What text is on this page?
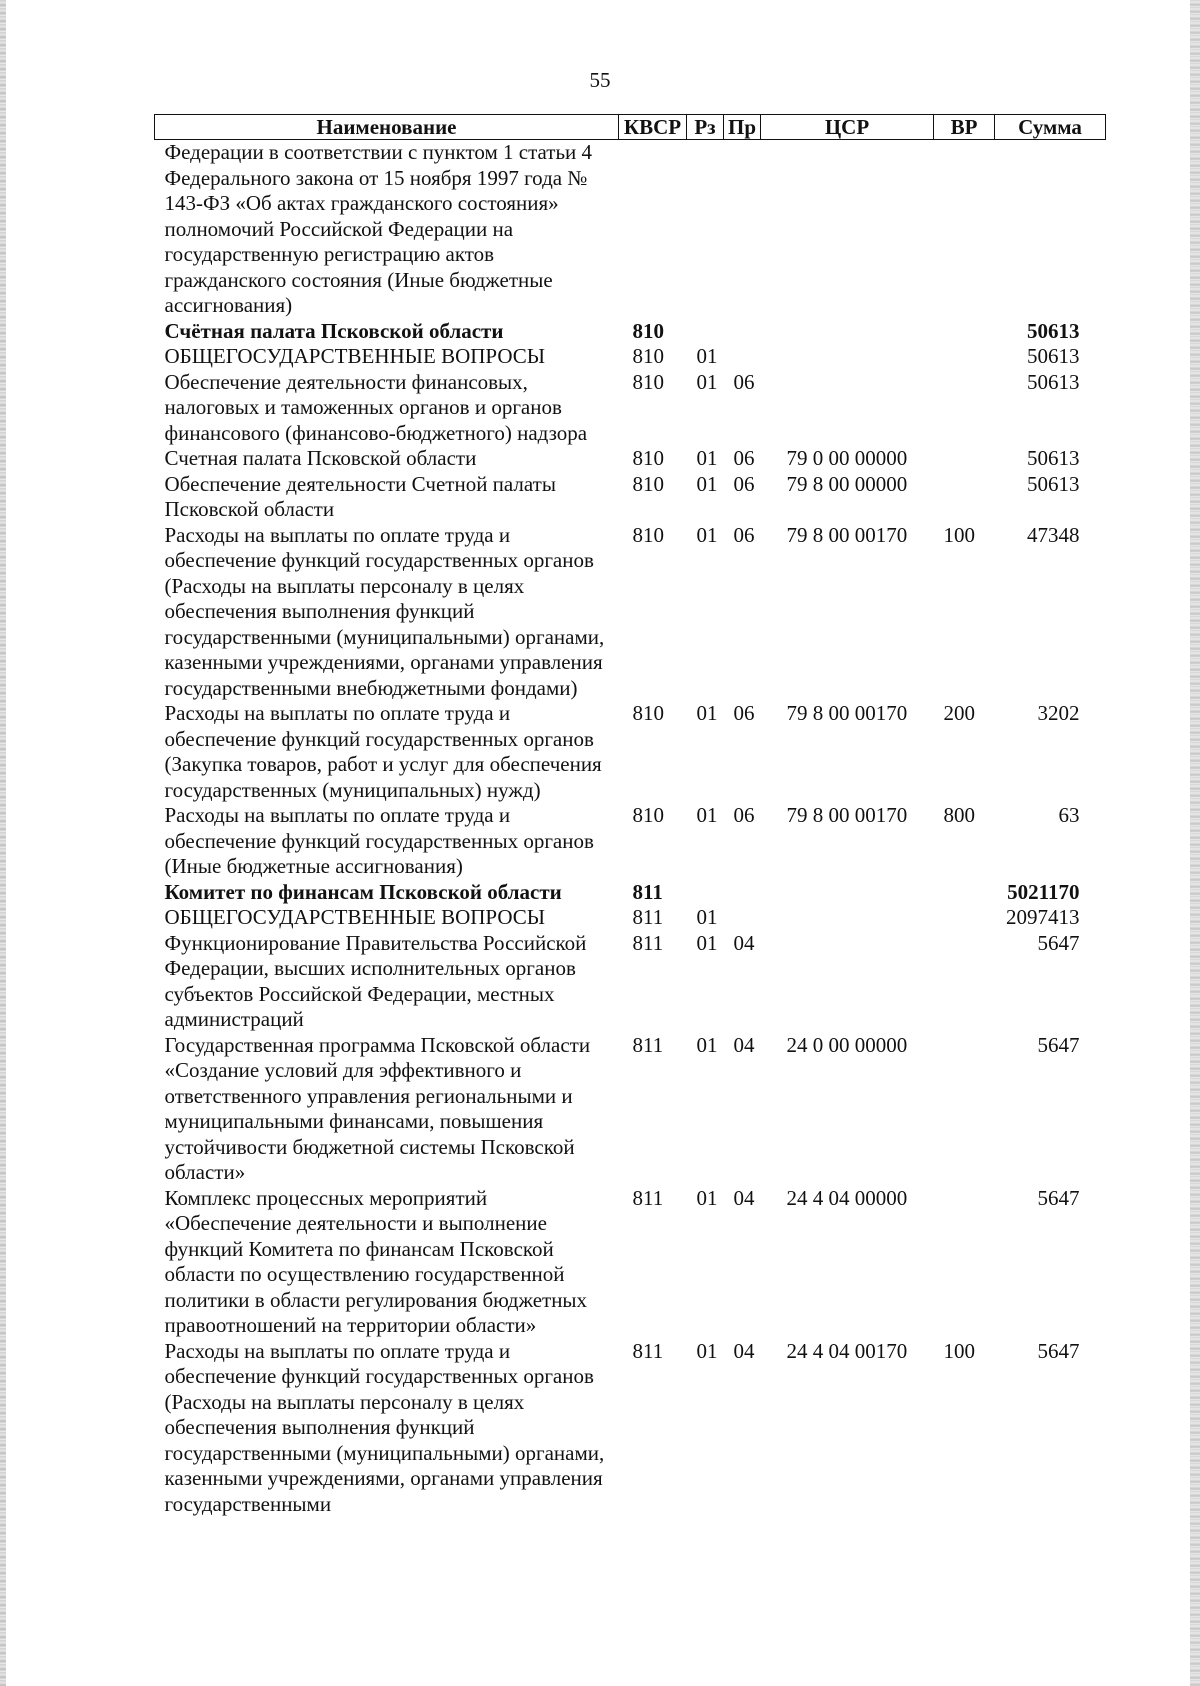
55
Наименование	КВСР	Рз	Пр	ЦСР	ВР	Сумма
Федерации в соответствии с пунктом 1 статьи 4 Федерального закона от 15 ноября 1997 года № 143-ФЗ «Об актах гражданского состояния» полномочий Российской Федерации на государственную регистрацию актов гражданского состояния (Иные бюджетные ассигнования)						
Счётная палата Псковской области	810					50613
ОБЩЕГОСУДАРСТВЕННЫЕ ВОПРОСЫ	810	01				50613
Обеспечение деятельности финансовых, налоговых и таможенных органов и органов финансового (финансово-бюджетного) надзора	810	01	06			50613
Счетная палата Псковской области	810	01	06	79 0 00 00000		50613
Обеспечение деятельности Счетной палаты Псковской области	810	01	06	79 8 00 00000		50613
Расходы на выплаты по оплате труда и обеспечение функций государственных органов (Расходы на выплаты персоналу в целях обеспечения выполнения функций государственными (муниципальными) органами, казенными учреждениями, органами управления государственными внебюджетными фондами)	810	01	06	79 8 00 00170	100	47348
Расходы на выплаты по оплате труда и обеспечение функций государственных органов (Закупка товаров, работ и услуг для обеспечения государственных (муниципальных) нужд)	810	01	06	79 8 00 00170	200	3202
Расходы на выплаты по оплате труда и обеспечение функций государственных органов (Иные бюджетные ассигнования)	810	01	06	79 8 00 00170	800	63
Комитет по финансам Псковской области	811					5021170
ОБЩЕГОСУДАРСТВЕННЫЕ ВОПРОСЫ	811	01				2097413
Функционирование Правительства Российской Федерации, высших исполнительных органов субъектов Российской Федерации, местных администраций	811	01	04			5647
Государственная программа Псковской области «Создание условий для эффективного и ответственного управления региональными и муниципальными финансами, повышения устойчивости бюджетной системы Псковской области»	811	01	04	24 0 00 00000		5647
Комплекс процессных мероприятий «Обеспечение деятельности и выполнение функций Комитета по финансам Псковской области по осуществлению государственной политики в области регулирования бюджетных правоотношений на территории области»	811	01	04	24 4 04 00000		5647
Расходы на выплаты по оплате труда и обеспечение функций государственных органов (Расходы на выплаты персоналу в целях обеспечения выполнения функций государственными (муниципальными) органами, казенными учреждениями, органами управления государственными	811	01	04	24 4 04 00170	100	5647
